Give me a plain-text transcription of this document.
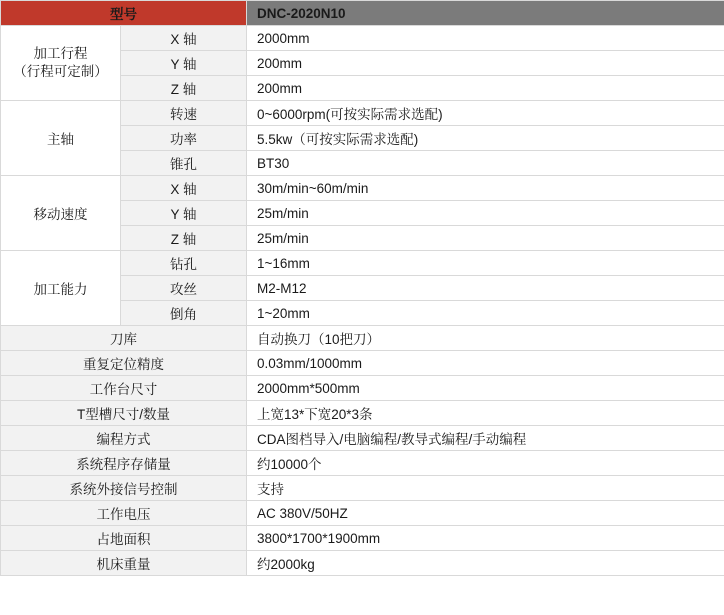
型号		DNC-2020N10
加工行程
（行程可定制）	X 轴	2000mm
	Y 轴	200mm
	Z 轴	200mm
主轴	转速	0~6000rpm(可按实际需求选配)
	功率	5.5kw（可按实际需求选配)
	锥孔	BT30
移动速度	X 轴	30m/min~60m/min
	Y 轴	25m/min
	Z 轴	25m/min
加工能力	钻孔	1~16mm
	攻丝	M2-M12
	倒角	1~20mm
刀库		自动换刀（10把刀）
重复定位精度		0.03mm/1000mm
工作台尺寸		2000mm*500mm
T型槽尺寸/数量		上宽13*下宽20*3条
编程方式		CDA图档导入/电脑编程/教导式编程/手动编程
系统程序存储量		约10000个
系统外接信号控制		支持
工作电压		AC 380V/50HZ
占地面积		3800*1700*1900mm
机床重量		约2000kg
